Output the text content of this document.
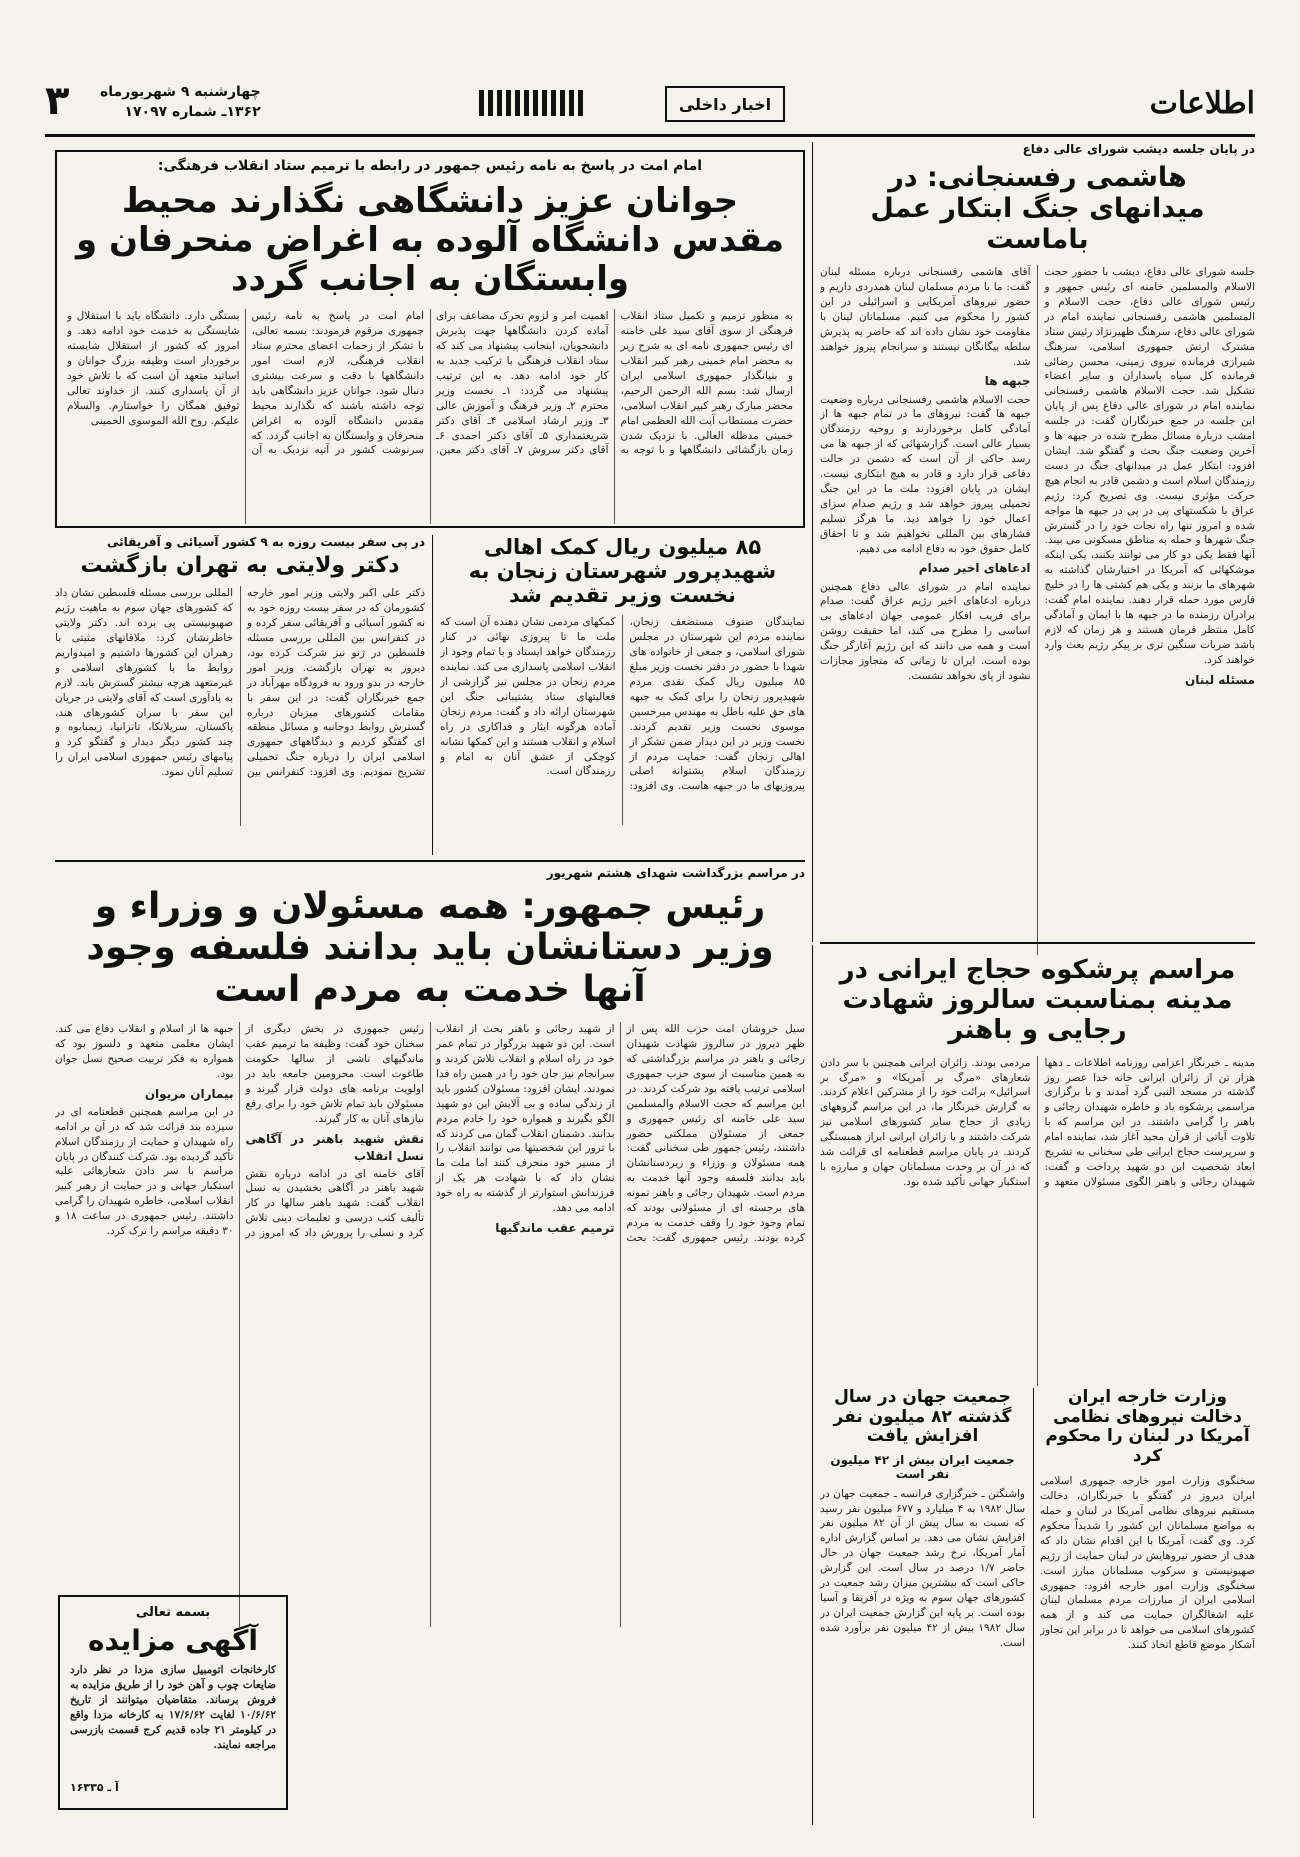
اطلاعات
اخبار داخلی
چهارشنبه ۹ شهریورماه
۱۳۶۲ـ شماره ۱۷۰۹۷
۳

در پایان جلسه دیشب شورای عالی دفاع

هاشمی رفسنجانی: در میدانهای جنگ ابتکار عمل باماست
جلسه شورای عالی دفاع، دیشب با حضور حجت الاسلام والمسلمین خامنه ای رئیس جمهور و رئیس شورای عالی دفاع، حجت الاسلام و المسلمین هاشمی رفسنجانی نماینده امام در شورای عالی دفاع، سرهنگ ظهیرنژاد رئیس ستاد مشترک ارتش جمهوری اسلامی، سرهنگ شیرازی فرمانده نیروی زمینی، محسن رضائی فرمانده کل سپاه پاسداران و سایر اعضاء تشکیل شد. حجت الاسلام هاشمی رفسنجانی نماینده امام در شورای عالی دفاع پس از پایان این جلسه در جمع خبرنگاران گفت: در جلسه امشب درباره مسائل مطرح شده در جبهه ها و آخرین وضعیت جنگ بحث و گفتگو شد. ایشان افزود: ابتکار عمل در میدانهای جنگ در دست رزمندگان اسلام است و دشمن قادر به انجام هیچ حرکت مؤثری نیست. وی تصریح کرد: رژیم عراق با شکستهای پی در پی در جبهه ها مواجه شده و امروز تنها راه نجات خود را در گسترش جنگ شهرها و حمله به مناطق مسکونی می بیند. آنها فقط یکی دو کار می توانند بکنند، یکی اینکه موشکهائی که آمریکا در اختیارشان گذاشته به شهرهای ما بزنند و یکی هم کشتی ها را در خلیج فارس مورد حمله قرار دهند. نماینده امام گفت: برادران رزمنده ما در جبهه ها با ایمان و آمادگی کامل منتظر فرمان هستند و هر زمان که لازم باشد ضربات سنگین تری بر پیکر رژیم بعث وارد خواهند کرد.
مسئله لبنان
آقای هاشمی رفسنجانی درباره مسئله لبنان گفت: ما با مردم مسلمان لبنان همدردی داریم و حضور نیروهای آمریکایی و اسرائیلی در این کشور را محکوم می کنیم. مسلمانان لبنان با مقاومت خود نشان داده اند که حاضر به پذیرش سلطه بیگانگان نیستند و سرانجام پیروز خواهند شد.
جبهه ها
حجت الاسلام هاشمی رفسنجانی درباره وضعیت جبهه ها گفت: نیروهای ما در تمام جبهه ها از آمادگی کامل برخوردارند و روحیه رزمندگان بسیار عالی است. گزارشهائی که از جبهه ها می رسد حاکی از آن است که دشمن در حالت دفاعی قرار دارد و قادر به هیچ ابتکاری نیست. ایشان در پایان افزود: ملت ما در این جنگ تحمیلی پیروز خواهد شد و رژیم صدام سزای اعمال خود را خواهد دید. ما هرگز تسلیم فشارهای بین المللی نخواهیم شد و تا احقاق کامل حقوق خود به دفاع ادامه می دهیم.
ادعاهای اخیر صدام
نماینده امام در شورای عالی دفاع همچنین درباره ادعاهای اخیر رژیم عراق گفت: صدام برای فریب افکار عمومی جهان ادعاهای بی اساسی را مطرح می کند، اما حقیقت روشن است و همه می دانند که این رژیم آغازگر جنگ بوده است. ایران تا زمانی که متجاوز مجازات نشود از پای نخواهد نشست.

امام امت در پاسخ به نامه رئیس جمهور در رابطه با ترمیم ستاد انقلاب فرهنگی:

جوانان عزیز دانشگاهی نگذارند محیط مقدس دانشگاه آلوده به اغراض منحرفان و وابستگان به اجانب گردد
به منظور ترمیم و تکمیل ستاد انقلاب فرهنگی از سوی آقای سید علی خامنه ای رئیس جمهوری نامه ای به شرح زیر به محضر امام خمینی رهبر کبیر انقلاب و بنیانگذار جمهوری اسلامی ایران ارسال شد: بسم الله الرحمن الرحیم، محضر مبارک رهبر کبیر انقلاب اسلامی، حضرت مستطاب آیت الله العظمی امام خمینی مدظله العالی. با نزدیک شدن زمان بازگشائی دانشگاهها و با توجه به اهمیت امر و لزوم تحرک مضاعف برای آماده کردن دانشگاهها جهت پذیرش دانشجویان، اینجانب پیشنهاد می کند که ستاد انقلاب فرهنگی با ترکیب جدید به کار خود ادامه دهد. به این ترتیب پیشنهاد می گردد: ۱ـ نخست وزیر محترم ۲ـ وزیر فرهنگ و آموزش عالی ۳ـ وزیر ارشاد اسلامی ۴ـ آقای دکتر شریعتمداری ۵ـ آقای دکتر احمدی ۶ـ آقای دکتر سروش ۷ـ آقای دکتر معین. امام امت در پاسخ به نامه رئیس جمهوری مرقوم فرمودند: بسمه تعالی، با تشکر از زحمات اعضای محترم ستاد انقلاب فرهنگی، لازم است امور دانشگاهها با دقت و سرعت بیشتری دنبال شود. جوانان عزیز دانشگاهی باید توجه داشته باشند که نگذارند محیط مقدس دانشگاه آلوده به اغراض منحرفان و وابستگان به اجانب گردد. که سرنوشت کشور در آتیه نزدیک به آن بستگی دارد. دانشگاه باید با استقلال و شایستگی به خدمت خود ادامه دهد. و امروز که کشور از استقلال شایسته برخوردار است وظیفه بزرگ جوانان و اساتید متعهد آن است که با تلاش خود از آن پاسداری کنند. از خداوند تعالی توفیق همگان را خواستارم. والسلام علیکم. روح الله الموسوی الخمینی
۸۵ میلیون ریال کمک اهالی شهیدپرور شهرستان زنجان به نخست وزیر تقدیم شد
نمایندگان صنوف مستضعف زنجان، نماینده مردم این شهرستان در مجلس شورای اسلامی، و جمعی از خانواده های شهدا با حضور در دفتر نخست وزیر مبلغ ۸۵ میلیون ریال کمک نقدی مردم شهیدپرور زنجان را برای کمک به جبهه های حق علیه باطل به مهندس میرحسین موسوی نخست وزیر تقدیم کردند. نخست وزیر در این دیدار ضمن تشکر از اهالی زنجان گفت: حمایت مردم از رزمندگان اسلام پشتوانه اصلی پیروزیهای ما در جبهه هاست. وی افزود: کمکهای مردمی نشان دهنده آن است که ملت ما تا پیروزی نهائی در کنار رزمندگان خواهد ایستاد و با تمام وجود از انقلاب اسلامی پاسداری می کند. نماینده مردم زنجان در مجلس نیز گزارشی از فعالیتهای ستاد پشتیبانی جنگ این شهرستان ارائه داد و گفت: مردم زنجان آماده هرگونه ایثار و فداکاری در راه اسلام و انقلاب هستند و این کمکها نشانه کوچکی از عشق آنان به امام و رزمندگان است.

در پی سفر بیست روزه به ۹ کشور آسیائی و آفریقائی

دکتر ولایتی به تهران بازگشت
دکتر علی اکبر ولایتی وزیر امور خارجه کشورمان که در سفر بیست روزه خود به نه کشور آسیائی و آفریقائی سفر کرده و در کنفرانس بین المللی بررسی مسئله فلسطین در ژنو نیز شرکت کرده بود، دیروز به تهران بازگشت. وزیر امور خارجه در بدو ورود به فرودگاه مهرآباد در جمع خبرنگاران گفت: در این سفر با مقامات کشورهای میزبان درباره گسترش روابط دوجانبه و مسائل منطقه ای گفتگو کردیم و دیدگاههای جمهوری اسلامی ایران را درباره جنگ تحمیلی تشریح نمودیم. وی افزود: کنفرانس بین المللی بررسی مسئله فلسطین نشان داد که کشورهای جهان سوم به ماهیت رژیم صهیونیستی پی برده اند. دکتر ولایتی خاطرنشان کرد: ملاقاتهای مثبتی با رهبران این کشورها داشتیم و امیدواریم روابط ما با کشورهای اسلامی و غیرمتعهد هرچه بیشتر گسترش یابد. لازم به یادآوری است که آقای ولایتی در جریان این سفر با سران کشورهای هند، پاکستان، سریلانکا، تانزانیا، زیمبابوه و چند کشور دیگر دیدار و گفتگو کرد و پیامهای رئیس جمهوری اسلامی ایران را تسلیم آنان نمود.

در مراسم بزرگداشت شهدای هشتم شهریور

رئیس جمهور: همه مسئولان و وزراء و وزیر دستانشان باید بدانند فلسفه وجود آنها خدمت به مردم است
سیل خروشان امت حزب الله پس از ظهر دیروز در سالروز شهادت شهیدان رجائی و باهنر در مراسم بزرگداشتی که به همین مناسبت از سوی حزب جمهوری اسلامی ترتیب یافته بود شرکت کردند. در این مراسم که حجت الاسلام والمسلمین سید علی خامنه ای رئیس جمهوری و جمعی از مسئولان مملکتی حضور داشتند، رئیس جمهور طی سخنانی گفت: همه مسئولان و وزراء و زیردستانشان باید بدانند فلسفه وجود آنها خدمت به مردم است. شهیدان رجائی و باهنر نمونه های برجسته ای از مسئولانی بودند که تمام وجود خود را وقف خدمت به مردم کرده بودند. رئیس جمهوری گفت: بحث از شهید رجائی و باهنر بحث از انقلاب است. این دو شهید بزرگوار در تمام عمر خود در راه اسلام و انقلاب تلاش کردند و سرانجام نیز جان خود را در همین راه فدا نمودند. ایشان افزود: مسئولان کشور باید از زندگی ساده و بی آلایش این دو شهید الگو بگیرند و همواره خود را خادم مردم بدانند. دشمنان انقلاب گمان می کردند که با ترور این شخصیتها می توانند انقلاب را از مسیر خود منحرف کنند اما ملت ما نشان داد که با شهادت هر یک از فرزندانش استوارتر از گذشته به راه خود ادامه می دهد.
ترمیم عقب ماندگیها
رئیس جمهوری در بخش دیگری از سخنان خود گفت: وظیفه ما ترمیم عقب ماندگیهای ناشی از سالها حکومت طاغوت است. محرومین جامعه باید در اولویت برنامه های دولت قرار گیرند و مسئولان باید تمام تلاش خود را برای رفع نیازهای آنان به کار گیرند.
نقش شهید باهنر در آگاهی نسل انقلاب
آقای خامنه ای در ادامه درباره نقش شهید باهنر در آگاهی بخشیدن به نسل انقلاب گفت: شهید باهنر سالها در کار تألیف کتب درسی و تعلیمات دینی تلاش کرد و نسلی را پرورش داد که امروز در جبهه ها از اسلام و انقلاب دفاع می کند. ایشان معلمی متعهد و دلسوز بود که همواره به فکر تربیت صحیح نسل جوان بود.
بیماران مریوان
در این مراسم همچنین قطعنامه ای در سیزده بند قرائت شد که در آن بر ادامه راه شهیدان و حمایت از رزمندگان اسلام تأکید گردیده بود. شرکت کنندگان در پایان مراسم با سر دادن شعارهائی علیه استکبار جهانی و در حمایت از رهبر کبیر انقلاب اسلامی، خاطره شهیدان را گرامی داشتند. رئیس جمهوری در ساعت ۱۸ و ۳۰ دقیقه مراسم را ترک کرد.
بسمه تعالی
آگهی مزایده
کارخانجات اتومبیل سازی مزدا در نظر دارد ضایعات چوب و آهن خود را از طریق مزایده به فروش برساند. متقاضیان میتوانند از تاریخ ۱۰/۶/۶۲ لغایت ۱۷/۶/۶۲ به کارخانه مزدا واقع در کیلومتر ۲۱ جاده قدیم کرج قسمت بازرسی مراجعه نمایند.
آ ـ ۱۶۳۳۵
مراسم پرشکوه حجاج ایرانی در مدینه بمناسبت سالروز شهادت رجایی و باهنر
مدینه ـ خبرنگار اعزامی روزنامه اطلاعات ـ دهها هزار تن از زائران ایرانی خانه خدا عصر روز گذشته در مسجد النبی گرد آمدند و با برگزاری مراسمی پرشکوه یاد و خاطره شهیدان رجائی و باهنر را گرامی داشتند. در این مراسم که با تلاوت آیاتی از قرآن مجید آغاز شد، نماینده امام و سرپرست حجاج ایرانی طی سخنانی به تشریح ابعاد شخصیت این دو شهید پرداخت و گفت: شهیدان رجائی و باهنر الگوی مسئولان متعهد و مردمی بودند. زائران ایرانی همچنین با سر دادن شعارهای «مرگ بر آمریکا» و «مرگ بر اسرائیل» برائت خود را از مشرکین اعلام کردند. به گزارش خبرنگار ما، در این مراسم گروههای زیادی از حجاج سایر کشورهای اسلامی نیز شرکت داشتند و با زائران ایرانی ابراز همبستگی کردند. در پایان مراسم قطعنامه ای قرائت شد که در آن بر وحدت مسلمانان جهان و مبارزه با استکبار جهانی تأکید شده بود.
وزارت خارجه ایران دخالت نیروهای نظامی آمریکا در لبنان را محکوم کرد
سخنگوی وزارت امور خارجه جمهوری اسلامی ایران دیروز در گفتگو با خبرنگاران، دخالت مستقیم نیروهای نظامی آمریکا در لبنان و حمله به مواضع مسلمانان این کشور را شدیداً محکوم کرد. وی گفت: آمریکا با این اقدام نشان داد که هدف از حضور نیروهایش در لبنان حمایت از رژیم صهیونیستی و سرکوب مسلمانان مبارز است. سخنگوی وزارت امور خارجه افزود: جمهوری اسلامی ایران از مبارزات مردم مسلمان لبنان علیه اشغالگران حمایت می کند و از همه کشورهای اسلامی می خواهد تا در برابر این تجاوز آشکار موضع قاطع اتخاذ کنند.
جمعیت جهان در سال گذشته ۸۲ میلیون نفر افزایش یافت
جمعیت ایران بیش از ۴۲ میلیون نفر است
واشنگتن ـ خبرگزاری فرانسه ـ جمعیت جهان در سال ۱۹۸۲ به ۴ میلیارد و ۶۷۷ میلیون نفر رسید که نسبت به سال پیش از آن ۸۲ میلیون نفر افزایش نشان می دهد. بر اساس گزارش اداره آمار آمریکا، نرخ رشد جمعیت جهان در حال حاضر ۱/۷ درصد در سال است. این گزارش حاکی است که بیشترین میزان رشد جمعیت در کشورهای جهان سوم به ویژه در آفریقا و آسیا بوده است. بر پایه این گزارش جمعیت ایران در سال ۱۹۸۲ بیش از ۴۲ میلیون نفر برآورد شده است.
